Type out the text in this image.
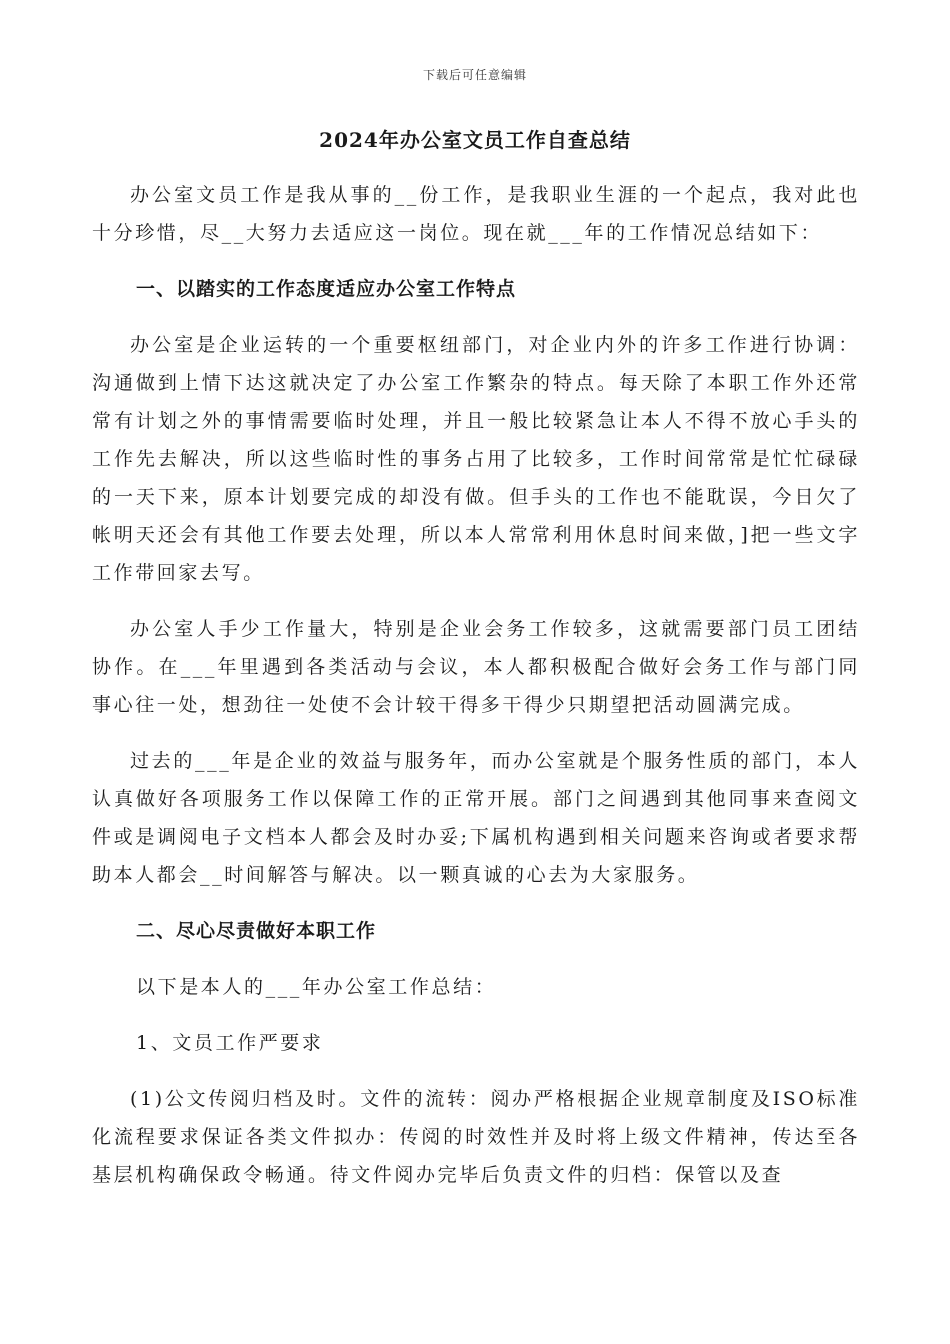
下载后可任意编辑
2024年办公室文员工作自查总结

办公室文员工作是我从事的__份工作，是我职业生涯的一个起点，我对此也十分珍惜，尽__大努力去适应这一岗位。现在就___年的工作情况总结如下：

一、以踏实的工作态度适应办公室工作特点

办公室是企业运转的一个重要枢纽部门，对企业内外的许多工作进行协调：沟通做到上情下达这就决定了办公室工作繁杂的特点。每天除了本职工作外还常常有计划之外的事情需要临时处理，并且一般比较紧急让本人不得不放心手头的工作先去解决，所以这些临时性的事务占用了比较多，工作时间常常是忙忙碌碌的一天下来，原本计划要完成的却没有做。但手头的工作也不能耽误，今日欠了帐明天还会有其他工作要去处理，所以本人常常利用休息时间来做，]把一些文字工作带回家去写。

办公室人手少工作量大，特别是企业会务工作较多，这就需要部门员工团结协作。在___年里遇到各类活动与会议，本人都积极配合做好会务工作与部门同事心往一处，想劲往一处使不会计较干得多干得少只期望把活动圆满完成。

过去的___年是企业的效益与服务年，而办公室就是个服务性质的部门，本人认真做好各项服务工作以保障工作的正常开展。部门之间遇到其他同事来查阅文件或是调阅电子文档本人都会及时办妥;下属机构遇到相关问题来咨询或者要求帮助本人都会__时间解答与解决。以一颗真诚的心去为大家服务。

二、尽心尽责做好本职工作

以下是本人的___年办公室工作总结：

1、文员工作严要求

(1)公文传阅归档及时。文件的流转：阅办严格根据企业规章制度及ISO标准化流程要求保证各类文件拟办：传阅的时效性并及时将上级文件精神，传达至各基层机构确保政令畅通。待文件阅办完毕后负责文件的归档：保管以及查
